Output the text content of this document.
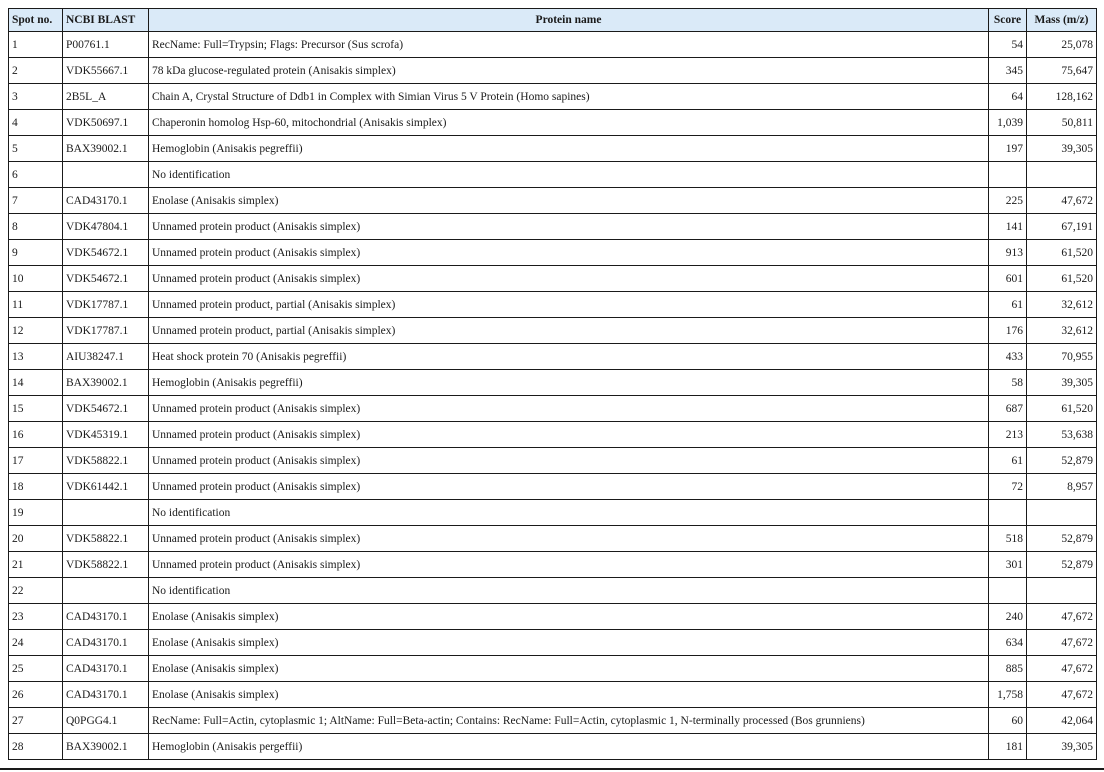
Spot no.	NCBI BLAST	Protein name	Score	Mass (m/z)
1	P00761.1	RecName: Full=Trypsin; Flags: Precursor (Sus scrofa)	54	25,078
2	VDK55667.1	78 kDa glucose-regulated protein (Anisakis simplex)	345	75,647
3	2B5L_A	Chain A, Crystal Structure of Ddb1 in Complex with Simian Virus 5 V Protein (Homo sapines)	64	128,162
4	VDK50697.1	Chaperonin homolog Hsp-60, mitochondrial (Anisakis simplex)	1,039	50,811
5	BAX39002.1	Hemoglobin (Anisakis pegreffii)	197	39,305
6		No identification		
7	CAD43170.1	Enolase (Anisakis simplex)	225	47,672
8	VDK47804.1	Unnamed protein product (Anisakis simplex)	141	67,191
9	VDK54672.1	Unnamed protein product (Anisakis simplex)	913	61,520
10	VDK54672.1	Unnamed protein product (Anisakis simplex)	601	61,520
11	VDK17787.1	Unnamed protein product, partial (Anisakis simplex)	61	32,612
12	VDK17787.1	Unnamed protein product, partial (Anisakis simplex)	176	32,612
13	AIU38247.1	Heat shock protein 70 (Anisakis pegreffii)	433	70,955
14	BAX39002.1	Hemoglobin (Anisakis pegreffii)	58	39,305
15	VDK54672.1	Unnamed protein product (Anisakis simplex)	687	61,520
16	VDK45319.1	Unnamed protein product (Anisakis simplex)	213	53,638
17	VDK58822.1	Unnamed protein product (Anisakis simplex)	61	52,879
18	VDK61442.1	Unnamed protein product (Anisakis simplex)	72	8,957
19		No identification		
20	VDK58822.1	Unnamed protein product (Anisakis simplex)	518	52,879
21	VDK58822.1	Unnamed protein product (Anisakis simplex)	301	52,879
22		No identification		
23	CAD43170.1	Enolase (Anisakis simplex)	240	47,672
24	CAD43170.1	Enolase (Anisakis simplex)	634	47,672
25	CAD43170.1	Enolase (Anisakis simplex)	885	47,672
26	CAD43170.1	Enolase (Anisakis simplex)	1,758	47,672
27	Q0PGG4.1	RecName: Full=Actin, cytoplasmic 1; AltName: Full=Beta-actin; Contains: RecName: Full=Actin, cytoplasmic 1, N-terminally processed (Bos grunniens)	60	42,064
28	BAX39002.1	Hemoglobin (Anisakis pergeffii)	181	39,305
